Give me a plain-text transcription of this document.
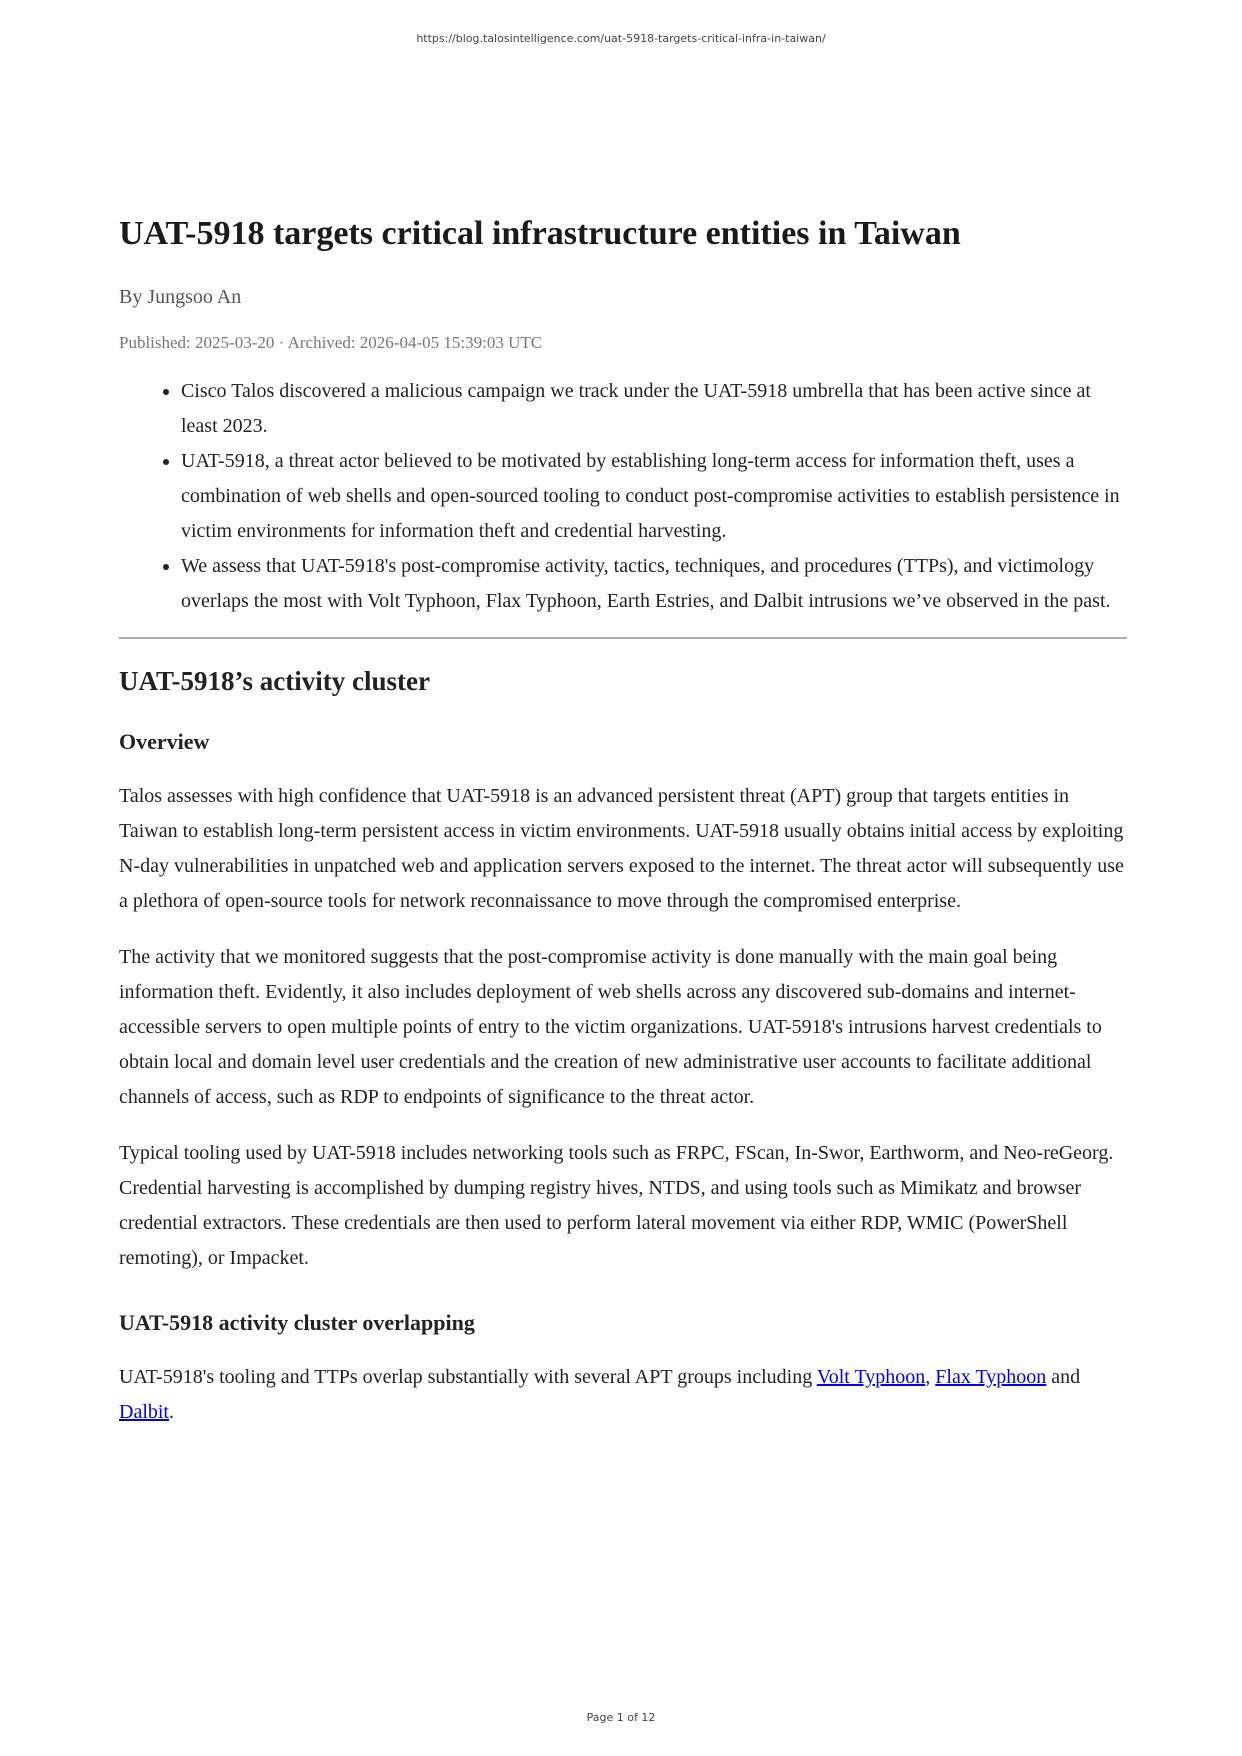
https://blog.talosintelligence.com/uat-5918-targets-critical-infra-in-taiwan/
UAT-5918 targets critical infrastructure entities in Taiwan
By Jungsoo An
Published: 2025-03-20 · Archived: 2026-04-05 15:39:03 UTC
• Cisco Talos discovered a malicious campaign we track under the UAT-5918 umbrella that has been active since at least 2023.
• UAT-5918, a threat actor believed to be motivated by establishing long-term access for information theft, uses a combination of web shells and open-sourced tooling to conduct post-compromise activities to establish persistence in victim environments for information theft and credential harvesting.
• We assess that UAT-5918's post-compromise activity, tactics, techniques, and procedures (TTPs), and victimology overlaps the most with Volt Typhoon, Flax Typhoon, Earth Estries, and Dalbit intrusions we’ve observed in the past.
UAT-5918’s activity cluster
Overview

Talos assesses with high confidence that UAT-5918 is an advanced persistent threat (APT) group that targets entities in Taiwan to establish long-term persistent access in victim environments. UAT-5918 usually obtains initial access by exploiting N-day vulnerabilities in unpatched web and application servers exposed to the internet. The threat actor will subsequently use a plethora of open-source tools for network reconnaissance to move through the compromised enterprise.

The activity that we monitored suggests that the post-compromise activity is done manually with the main goal being information theft. Evidently, it also includes deployment of web shells across any discovered sub-domains and internet-accessible servers to open multiple points of entry to the victim organizations. UAT-5918's intrusions harvest credentials to obtain local and domain level user credentials and the creation of new administrative user accounts to facilitate additional channels of access, such as RDP to endpoints of significance to the threat actor.

Typical tooling used by UAT-5918 includes networking tools such as FRPC, FScan, In-Swor, Earthworm, and Neo-reGeorg. Credential harvesting is accomplished by dumping registry hives, NTDS, and using tools such as Mimikatz and browser credential extractors. These credentials are then used to perform lateral movement via either RDP, WMIC (PowerShell remoting), or Impacket.

UAT-5918 activity cluster overlapping

UAT-5918's tooling and TTPs overlap substantially with several APT groups including Volt Typhoon, Flax Typhoon and Dalbit.

Page 1 of 12
